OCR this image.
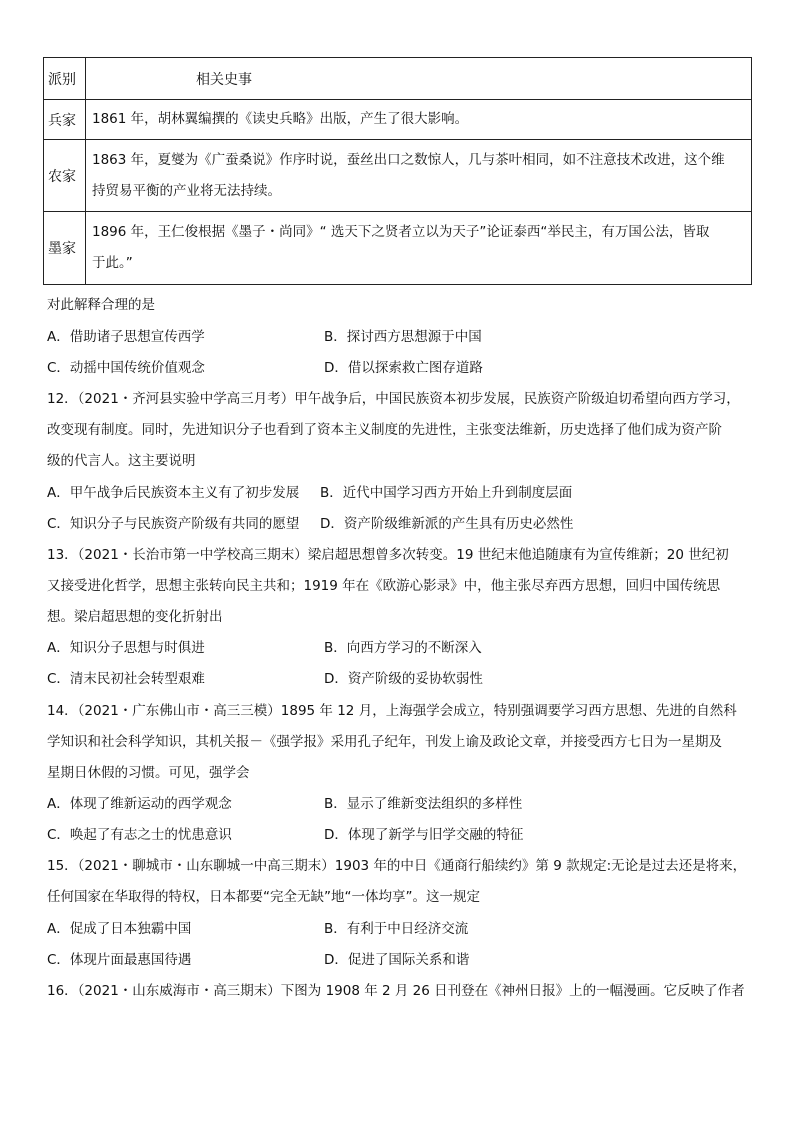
派别	相关史事
兵家	1861 年，胡林翼编撰的《读史兵略》出版，产生了很大影响。

农家	1863 年，夏燮为《广蚕桑说》作序时说，蚕丝出口之数惊人，几与茶叶相同，如不注意技术改进，这个维
持贸易平衡的产业将无法持续。

墨家	1896 年，王仁俊根据《墨子・尚同》“ 选天下之贤者立以为天子”论证泰西“举民主，有万国公法，皆取
于此。”
对此解释合理的是
A．借助诸子思想宣传西学	B．探讨西方思想源于中国
C．动摇中国传统价值观念	D．借以探索救亡图存道路
12．（2021・齐河县实验中学高三月考）甲午战争后，中国民族资本初步发展，民族资产阶级迫切希望向西方学习，
改变现有制度。同时，先进知识分子也看到了资本主义制度的先进性，主张变法维新，历史选择了他们成为资产阶
级的代言人。这主要说明
A．甲午战争后民族资本主义有了初步发展 B．近代中国学习西方开始上升到制度层面
C．知识分子与民族资产阶级有共同的愿望 D．资产阶级维新派的产生具有历史必然性
13．（2021・长治市第一中学校高三期末）梁启超思想曾多次转变。19 世纪末他追随康有为宣传维新；20 世纪初
又接受进化哲学，思想主张转向民主共和；1919 年在《欧游心影录》中，他主张尽弃西方思想，回归中国传统思
想。梁启超思想的变化折射出
A．知识分子思想与时俱进	B．向西方学习的不断深入
C．清末民初社会转型艰难	D．资产阶级的妥协软弱性
14．（2021・广东佛山市・高三三模）1895 年 12 月，上海强学会成立，特别强调要学习西方思想、先进的自然科
学知识和社会科学知识，其机关报－《强学报》采用孔子纪年，刊发上谕及政论文章，并接受西方七日为一星期及
星期日休假的习惯。可见，强学会
A．体现了维新运动的西学观念	B．显示了维新变法组织的多样性
C．唤起了有志之士的忧患意识	D．体现了新学与旧学交融的特征
15．（2021・聊城市・山东聊城一中高三期末）1903 年的中日《通商行船续约》第 9 款规定:无论是过去还是将来，
任何国家在华取得的特权，日本都要“完全无缺”地“一体均享”。这一规定
A．促成了日本独霸中国	B．有利于中日经济交流
C．体现片面最惠国待遇	D．促进了国际关系和谐
16．（2021・山东威海市・高三期末）下图为 1908 年 2 月 26 日刊登在《神州日报》上的一幅漫画。它反映了作者
